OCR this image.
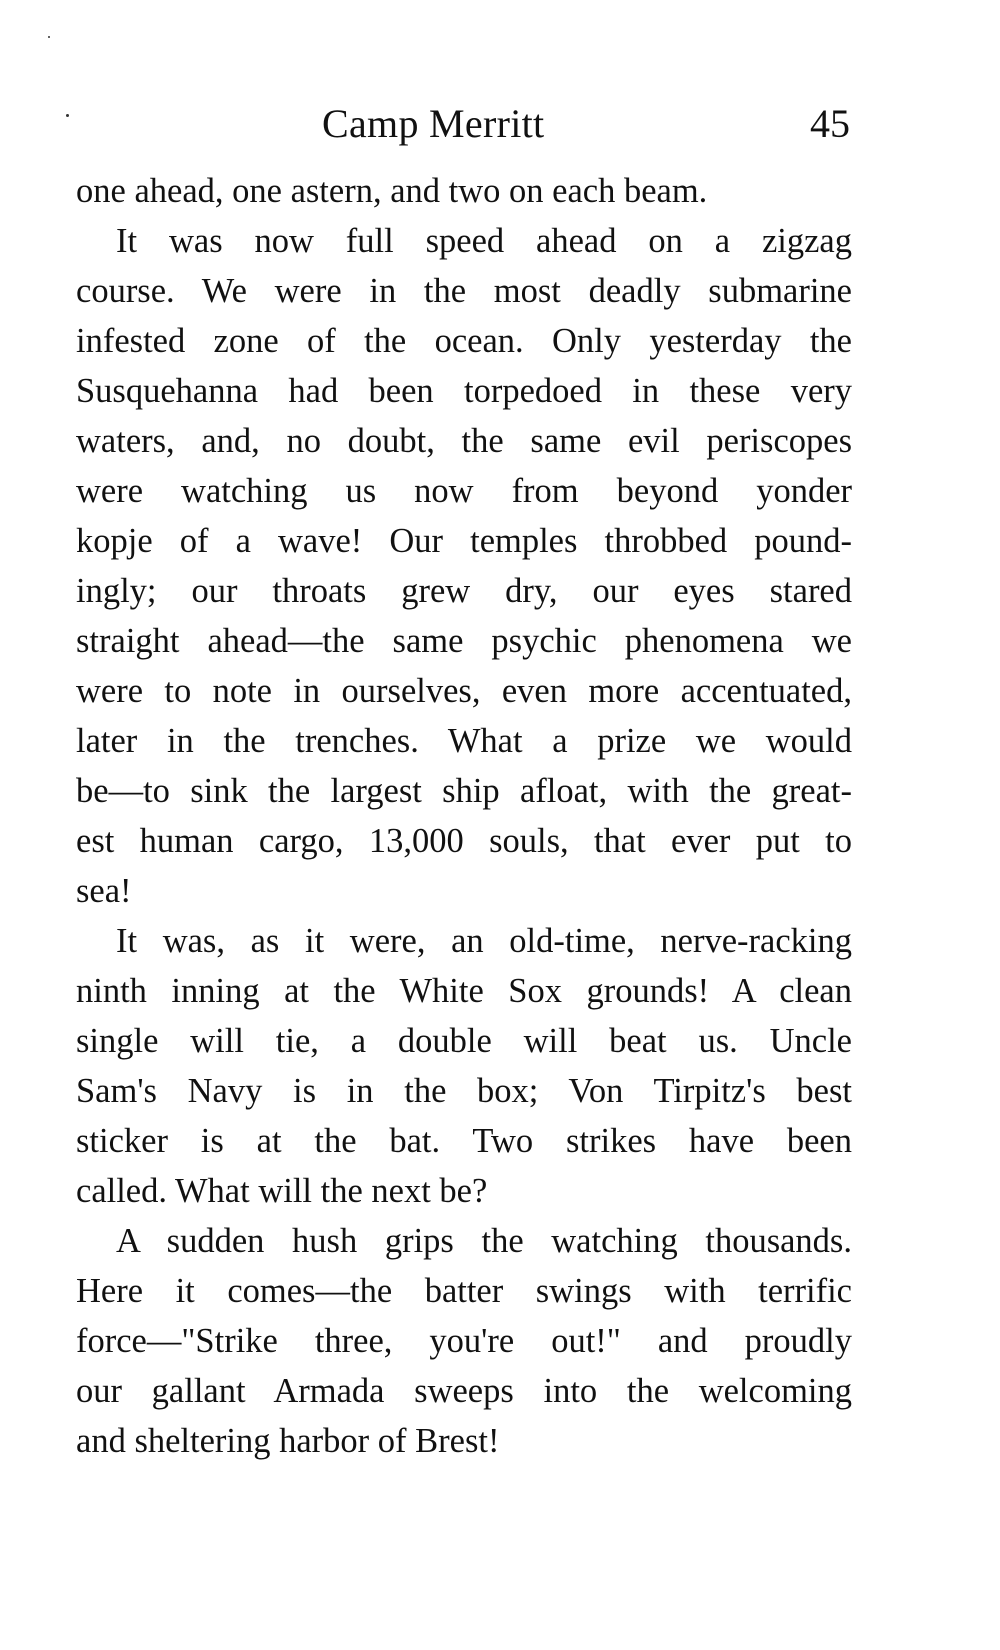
Camp Merritt	45

one ahead, one astern, and two on each beam.

It was now full speed ahead on a zigzag
course. We were in the most deadly submarine
infested zone of the ocean. Only yesterday the
Susquehanna had been torpedoed in these very
waters, and, no doubt, the same evil periscopes
were watching us now from beyond yonder
kopje of a wave! Our temples throbbed pound-
ingly; our throats grew dry, our eyes stared
straight ahead—the same psychic phenomena we
were to note in ourselves, even more accentuated,
later in the trenches. What a prize we would
be—to sink the largest ship afloat, with the great-
est human cargo, 13,000 souls, that ever put to
sea!

It was, as it were, an old-time, nerve-racking
ninth inning at the White Sox grounds! A clean
single will tie, a double will beat us. Uncle
Sam's Navy is in the box; Von Tirpitz's best
sticker is at the bat. Two strikes have been
called. What will the next be?

A sudden hush grips the watching thousands.
Here it comes—the batter swings with terrific
force—"Strike three, you're out!" and proudly
our gallant Armada sweeps into the welcoming
and sheltering harbor of Brest!
